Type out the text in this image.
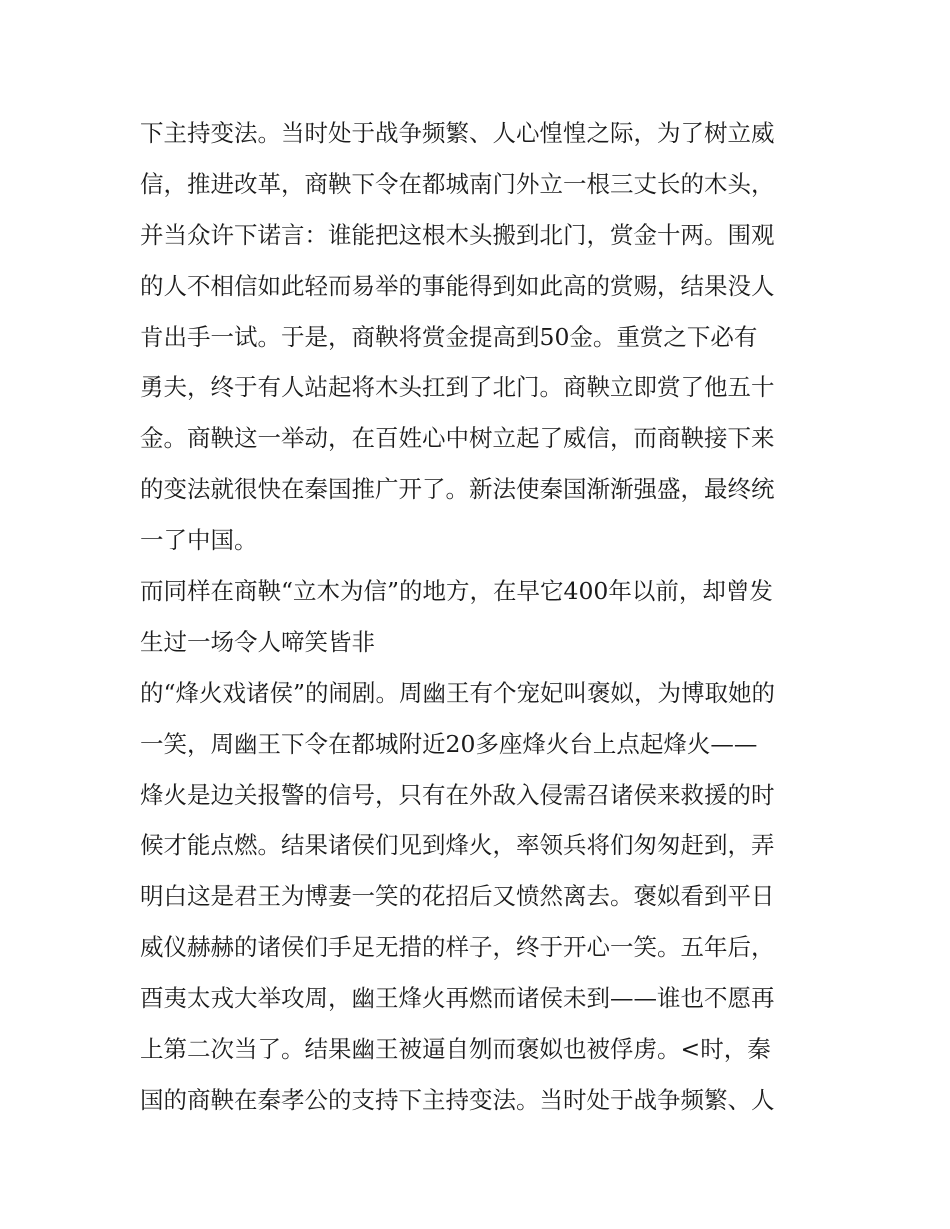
下主持变法。当时处于战争频繁、人心惶惶之际，为了树立威
信，推进改革，商鞅下令在都城南门外立一根三丈长的木头，
并当众许下诺言：谁能把这根木头搬到北门，赏金十两。围观
的人不相信如此轻而易举的事能得到如此高的赏赐，结果没人
肯出手一试。于是，商鞅将赏金提高到50金。重赏之下必有
勇夫，终于有人站起将木头扛到了北门。商鞅立即赏了他五十
金。商鞅这一举动，在百姓心中树立起了威信，而商鞅接下来
的变法就很快在秦国推广开了。新法使秦国渐渐强盛，最终统
一了中国。
而同样在商鞅“立木为信”的地方，在早它400年以前，却曾发
生过一场令人啼笑皆非
的“烽火戏诸侯”的闹剧。周幽王有个宠妃叫褒姒，为博取她的
一笑，周幽王下令在都城附近20多座烽火台上点起烽火——
烽火是边关报警的信号，只有在外敌入侵需召诸侯来救援的时
候才能点燃。结果诸侯们见到烽火，率领兵将们匆匆赶到，弄
明白这是君王为博妻一笑的花招后又愤然离去。褒姒看到平日
威仪赫赫的诸侯们手足无措的样子，终于开心一笑。五年后，
酉夷太戎大举攻周，幽王烽火再燃而诸侯未到——谁也不愿再
上第二次当了。结果幽王被逼自刎而褒姒也被俘虏。<时，秦
国的商鞅在秦孝公的支持下主持变法。当时处于战争频繁、人
